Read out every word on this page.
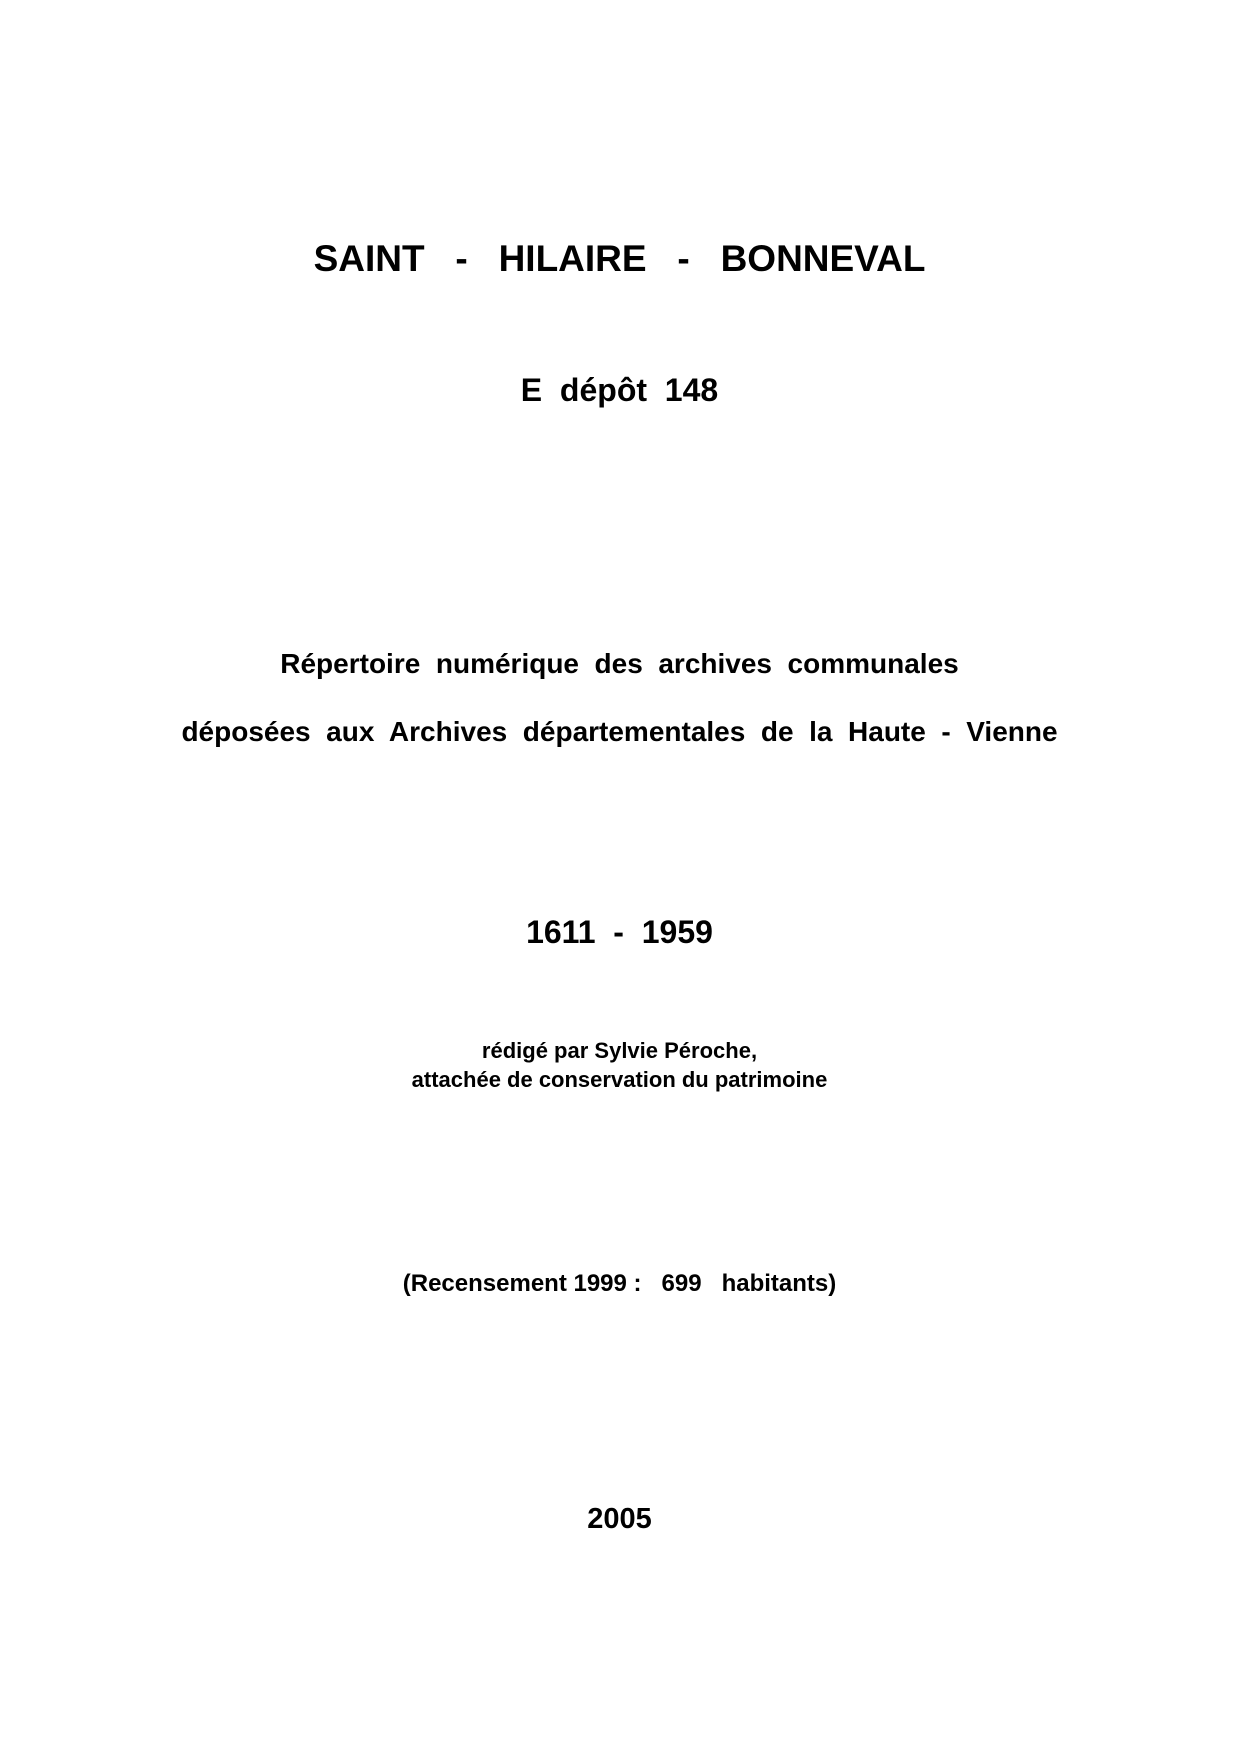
SAINT   -   HILAIRE   -   BONNEVAL
E  dépôt  148
Répertoire  numérique  des  archives  communales
déposées  aux  Archives  départementales  de  la  Haute  -  Vienne
1611  -  1959
rédigé par Sylvie Péroche,
attachée de conservation du patrimoine
(Recensement 1999 :   699   habitants)
2005
